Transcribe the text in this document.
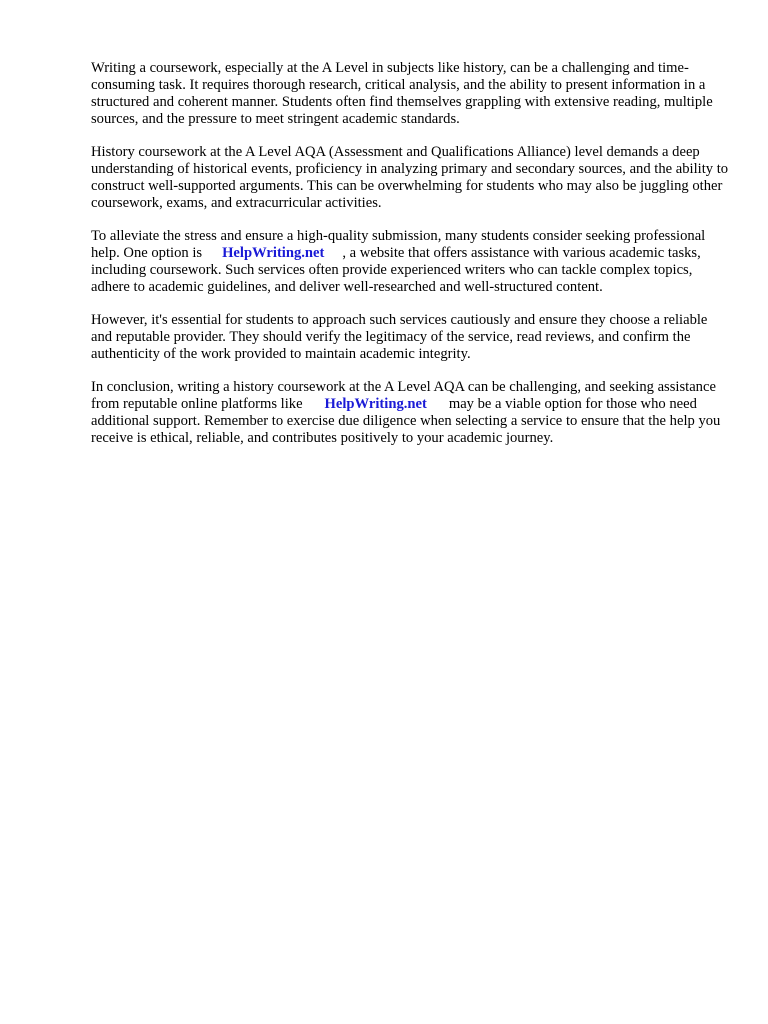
Writing a coursework, especially at the A Level in subjects like history, can be a challenging and time-consuming task. It requires thorough research, critical analysis, and the ability to present information in a structured and coherent manner. Students often find themselves grappling with extensive reading, multiple sources, and the pressure to meet stringent academic standards.

History coursework at the A Level AQA (Assessment and Qualifications Alliance) level demands a deep understanding of historical events, proficiency in analyzing primary and secondary sources, and the ability to construct well-supported arguments. This can be overwhelming for students who may also be juggling other coursework, exams, and extracurricular activities.

To alleviate the stress and ensure a high-quality submission, many students consider seeking professional help. One option is HelpWriting.net , a website that offers assistance with various academic tasks, including coursework. Such services often provide experienced writers who can tackle complex topics, adhere to academic guidelines, and deliver well-researched and well-structured content.

However, it's essential for students to approach such services cautiously and ensure they choose a reliable and reputable provider. They should verify the legitimacy of the service, read reviews, and confirm the authenticity of the work provided to maintain academic integrity.

In conclusion, writing a history coursework at the A Level AQA can be challenging, and seeking assistance from reputable online platforms like HelpWriting.net may be a viable option for those who need additional support. Remember to exercise due diligence when selecting a service to ensure that the help you receive is ethical, reliable, and contributes positively to your academic journey.
